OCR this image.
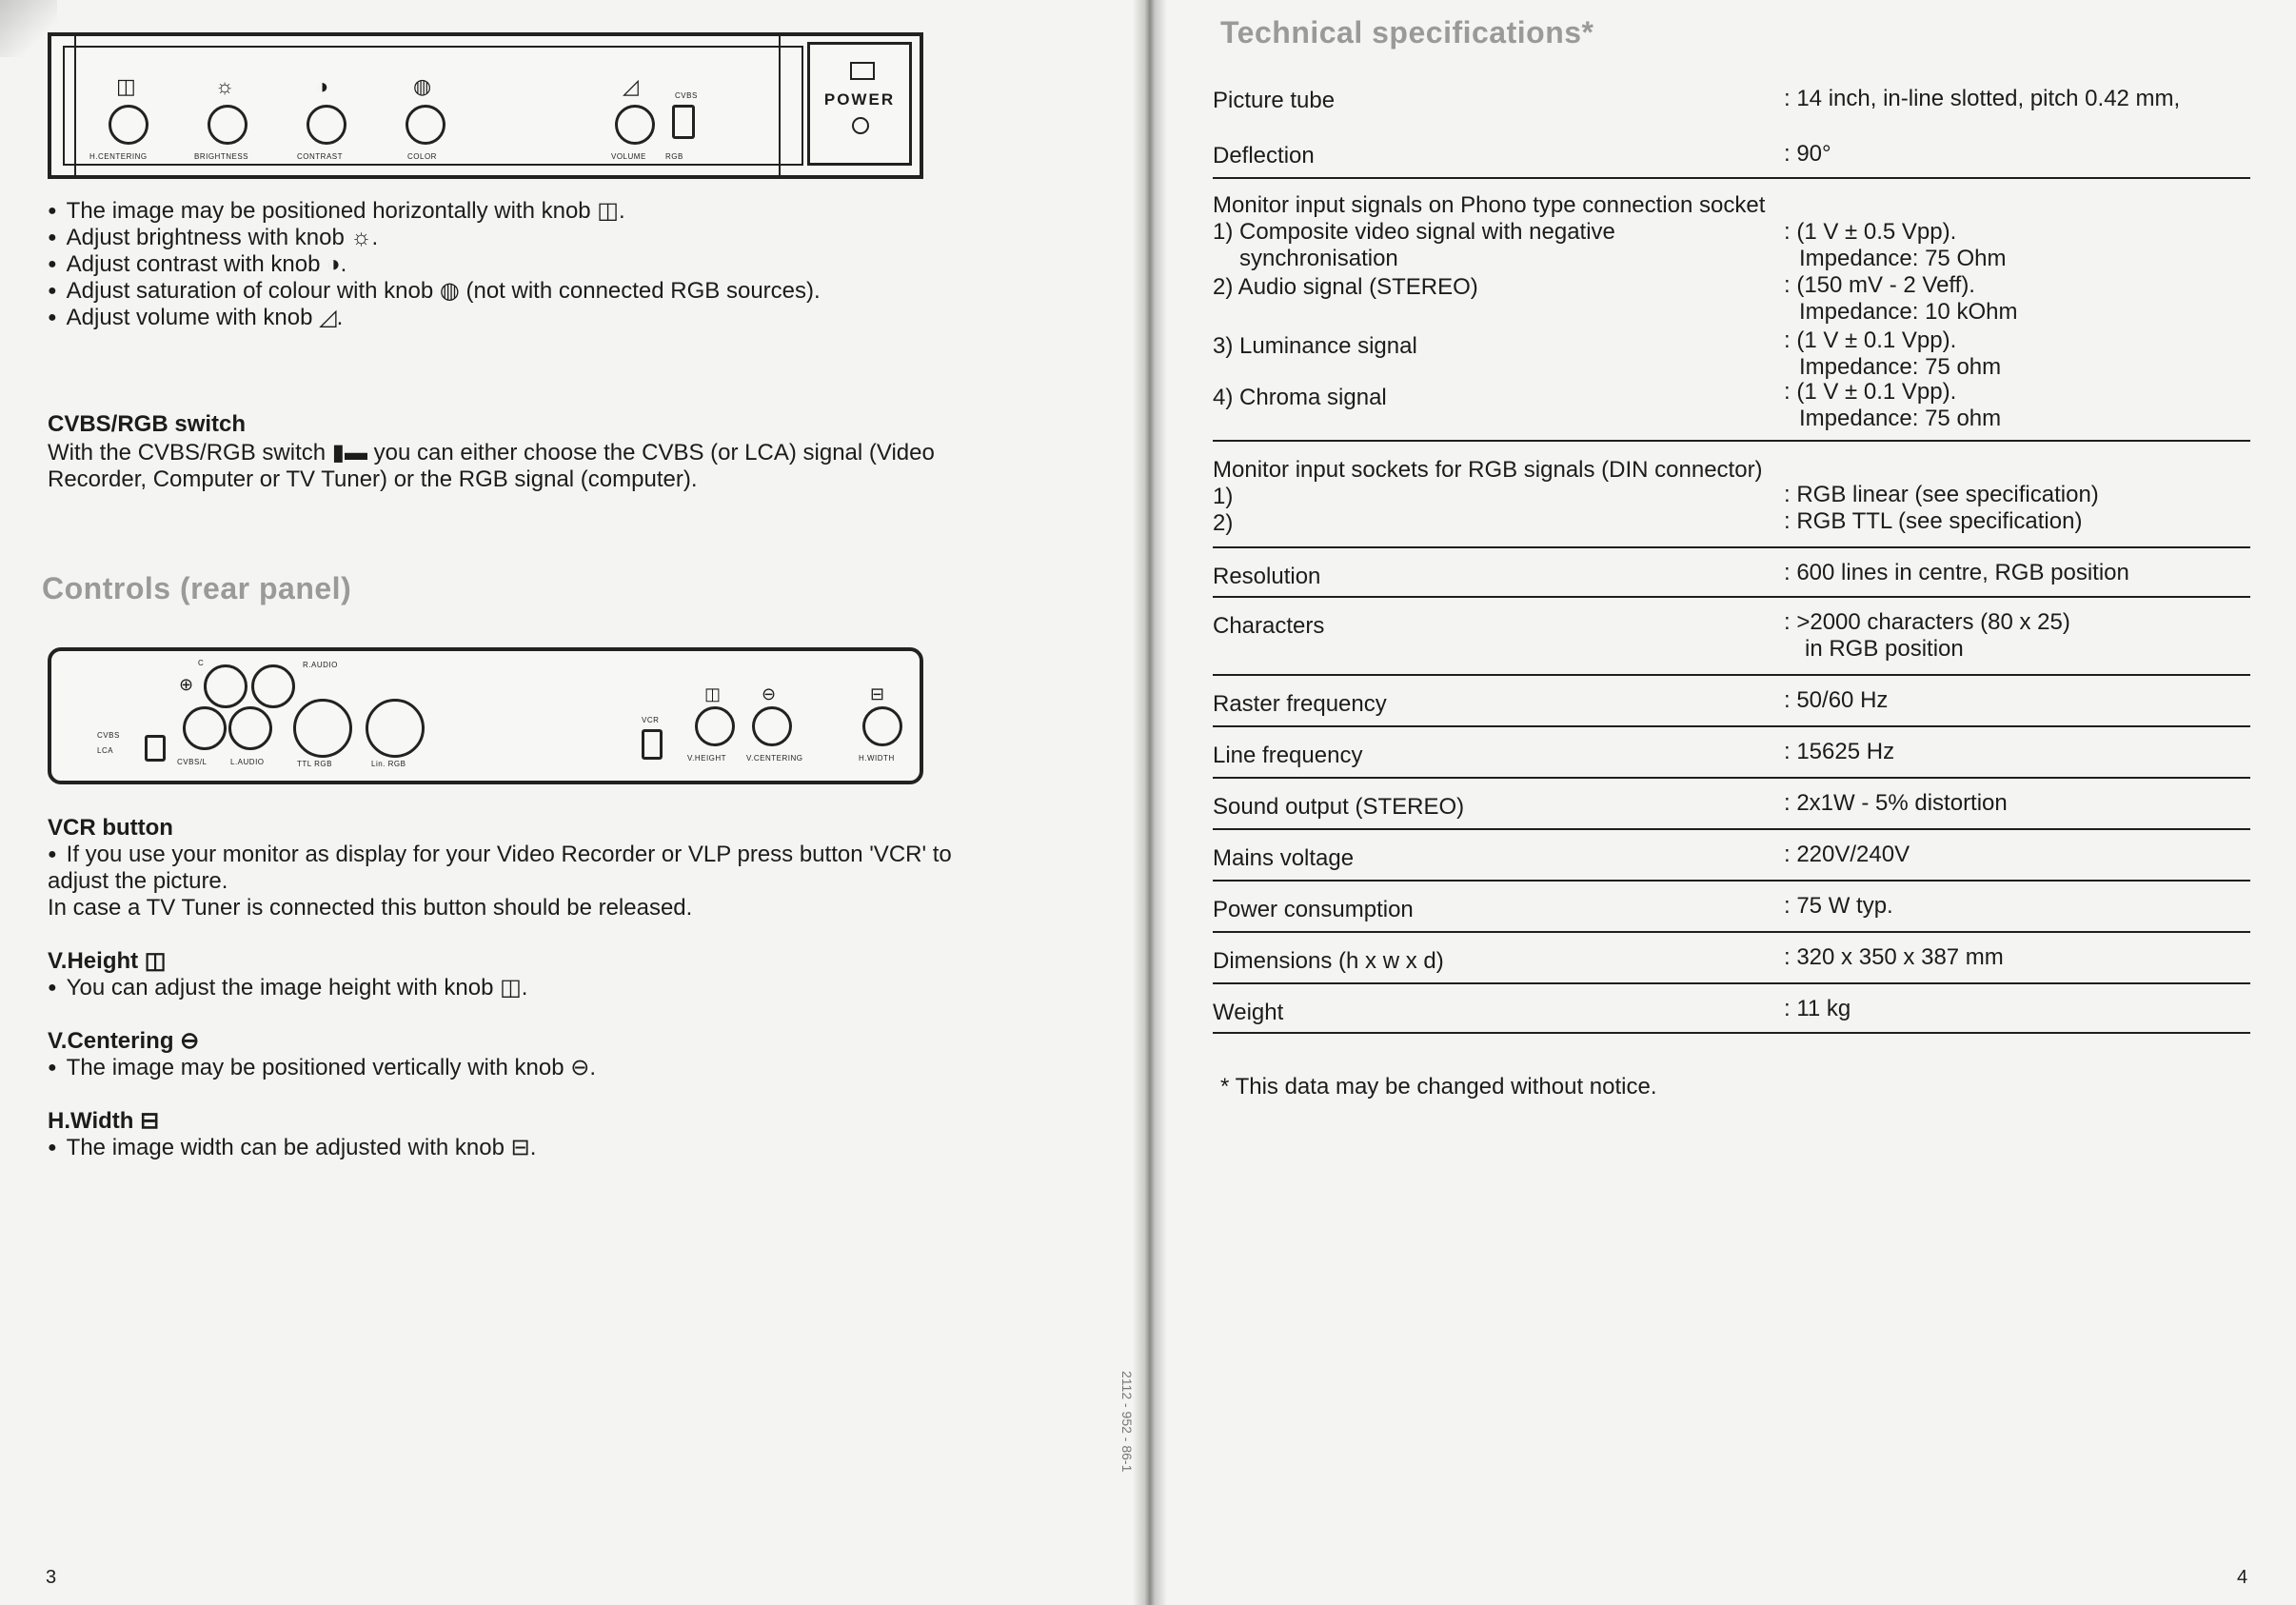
◫
H.CENTERING
☼
BRIGHTNESS
◑
CONTRAST
◍
COLOR
◿
VOLUME	RGB
CVBS	POWER
● The image may be positioned horizontally with knob ◫.
● Adjust brightness with knob ☼.
● Adjust contrast with knob ◑.
● Adjust saturation of colour with knob ◍ (not with connected RGB sources).
● Adjust volume with knob ◿.
CVBS/RGB switch
With the CVBS/RGB switch ▮▬ you can either choose the CVBS (or LCA) signal (Video
Recorder, Computer or TV Tuner) or the RGB signal (computer).
Controls (rear panel)
CVBS
LCA
C
⊕
R.AUDIO
CVBS/L	L.AUDIO	TTL RGB	Lin. RGB
VCR
◫
V.HEIGHT
⊖
V.CENTERING
⊟
H.WIDTH
VCR button
● If you use your monitor as display for your Video Recorder or VLP press button 'VCR' to
adjust the picture.
In case a TV Tuner is connected this button should be released.
V.Height ◫
● You can adjust the image height with knob ◫.
V.Centering ⊖
● The image may be positioned vertically with knob ⊖.
H.Width ⊟
● The image width can be adjusted with knob ⊟.
3
Technical specifications*
Picture tube	: 14 inch, in-line slotted, pitch 0.42 mm,
Deflection	: 90°
Monitor input signals on Phono type connection socket
1) Composite video signal with negative
synchronisation
: (1 V ± 0.5 Vpp).
Impedance: 75 Ohm
2) Audio signal (STEREO)	: (150 mV - 2 Veff).
Impedance: 10 kOhm
3) Luminance signal	: (1 V ± 0.1 Vpp).
Impedance: 75 ohm
4) Chroma signal	: (1 V ± 0.1 Vpp).
Impedance: 75 ohm
Monitor input sockets for RGB signals (DIN connector)
1)	: RGB linear (see specification)
2)	: RGB TTL (see specification)
Resolution	: 600 lines in centre, RGB position
Characters	: >2000 characters (80 x 25)
in RGB position
Raster frequency	: 50/60 Hz
Line frequency	: 15625 Hz
Sound output (STEREO)	: 2x1W - 5% distortion
Mains voltage	: 220V/240V
Power consumption	: 75 W typ.
Dimensions (h x w x d)	: 320 x 350 x 387 mm
Weight	: 11 kg
* This data may be changed without notice.
2112 - 952 - 86-1
4
